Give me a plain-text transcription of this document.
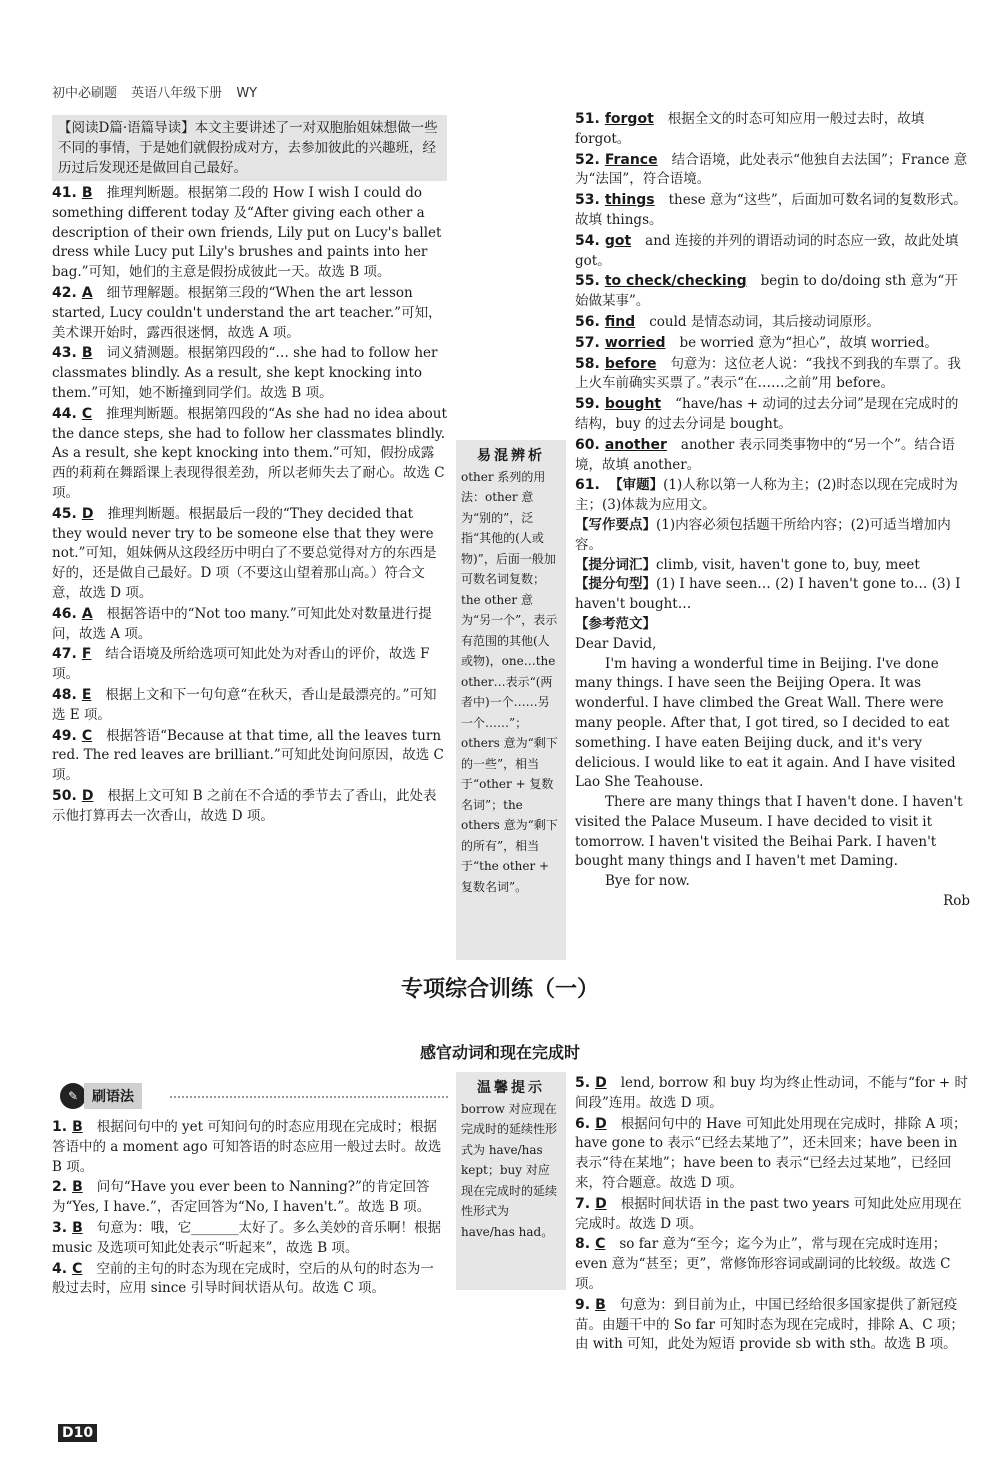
初中必刷题 英语八年级下册 WY
【阅读D篇·语篇导读】本文主要讲述了一对双胞胎姐妹想做一些不同的事情，于是她们就假扮成对方，去参加彼此的兴趣班，经历过后发现还是做回自己最好。
41. B 推理判断题。根据第二段的 How I wish I could do something different today 及“After giving each other a description of their own friends, Lily put on Lucy's ballet dress while Lucy put Lily's brushes and paints into her bag.”可知，她们的主意是假扮成彼此一天。故选 B 项。
42. A 细节理解题。根据第三段的“When the art lesson started, Lucy couldn't understand the art teacher.”可知，美术课开始时，露西很迷惘，故选 A 项。
43. B 词义猜测题。根据第四段的“… she had to follow her classmates blindly. As a result, she kept knocking into them.”可知，她不断撞到同学们。故选 B 项。
44. C 推理判断题。根据第四段的“As she had no idea about the dance steps, she had to follow her classmates blindly. As a result, she kept knocking into them.”可知，假扮成露西的莉莉在舞蹈课上表现得很差劲，所以老师失去了耐心。故选 C 项。
45. D 推理判断题。根据最后一段的“They decided that they would never try to be someone else that they were not.”可知，姐妹俩从这段经历中明白了不要总觉得对方的东西是好的，还是做自己最好。D 项（不要这山望着那山高。）符合文意，故选 D 项。
46. A 根据答语中的“Not too many.”可知此处对数量进行提问，故选 A 项。
47. F 结合语境及所给选项可知此处为对香山的评价，故选 F 项。
48. E 根据上文和下一句句意“在秋天，香山是最漂亮的。”可知选 E 项。
49. C 根据答语“Because at that time, all the leaves turn red. The red leaves are brilliant.”可知此处询问原因，故选 C 项。
50. D 根据上文可知 B 之前在不合适的季节去了香山，此处表示他打算再去一次香山，故选 D 项。
易混辨析
other 系列的用法：other 意为“别的”，泛指“其他的(人或物)”，后面一般加可数名词复数；the other 意为“另一个”，表示有范围的其他(人或物)，one…the other…表示“(两者中)一个……另一个……”；others 意为“剩下的一些”，相当于“other + 复数名词”；the others 意为“剩下的所有”，相当于“the other + 复数名词”。
51. forgot 根据全文的时态可知应用一般过去时，故填 forgot。
52. France 结合语境，此处表示“他独自去法国”；France 意为“法国”，符合语境。
53. things these 意为“这些”，后面加可数名词的复数形式。故填 things。
54. got and 连接的并列的谓语动词的时态应一致，故此处填 got。
55. to check/checking begin to do/doing sth 意为“开始做某事”。
56. find could 是情态动词，其后接动词原形。
57. worried be worried 意为“担心”，故填 worried。
58. before 句意为：这位老人说：“我找不到我的车票了。我上火车前确实买票了。”表示“在……之前”用 before。
59. bought “have/has + 动词的过去分词”是现在完成时的结构，buy 的过去分词是 bought。
60. another another 表示同类事物中的“另一个”。结合语境，故填 another。
61. 【审题】(1)人称以第一人称为主；(2)时态以现在完成时为主；(3)体裁为应用文。
【写作要点】(1)内容必须包括题干所给内容；(2)可适当增加内容。
【提分词汇】climb, visit, haven't gone to, buy, meet
【提分句型】(1) I have seen… (2) I haven't gone to… (3) I haven't bought…
【参考范文】

Dear David,

I'm having a wonderful time in Beijing. I've done many things. I have seen the Beijing Opera. It was wonderful. I have climbed the Great Wall. There were many people. After that, I got tired, so I decided to eat something. I have eaten Beijing duck, and it's very delicious. I would like to eat it again. And I have visited Lao She Teahouse.

There are many things that I haven't done. I haven't visited the Palace Museum. I have decided to visit it tomorrow. I haven't visited the Beihai Park. I haven't bought many things and I haven't met Daming.

Bye for now.

Rob

专项综合训练（一）
感官动词和现在完成时
✎ 刷语法
1. B 根据问句中的 yet 可知问句的时态应用现在完成时；根据答语中的 a moment ago 可知答语的时态应用一般过去时。故选 B 项。
2. B 问句“Have you ever been to Nanning?”的肯定回答为“Yes, I have.”，否定回答为“No, I haven't.”。故选 B 项。
3. B 句意为：哦，它_______太好了。多么美妙的音乐啊！根据 music 及选项可知此处表示“听起来”，故选 B 项。
4. C 空前的主句的时态为现在完成时，空后的从句的时态为一般过去时，应用 since 引导时间状语从句。故选 C 项。
温馨提示
borrow 对应现在完成时的延续性形式为 have/has kept；buy 对应现在完成时的延续性形式为 have/has had。
5. D lend, borrow 和 buy 均为终止性动词，不能与“for + 时间段”连用。故选 D 项。
6. D 根据问句中的 Have 可知此处用现在完成时，排除 A 项；have gone to 表示“已经去某地了”，还未回来；have been in 表示“待在某地”；have been to 表示“已经去过某地”，已经回来，符合题意。故选 D 项。
7. D 根据时间状语 in the past two years 可知此处应用现在完成时。故选 D 项。
8. C so far 意为“至今；迄今为止”，常与现在完成时连用；even 意为“甚至；更”，常修饰形容词或副词的比较级。故选 C 项。
9. B 句意为：到目前为止，中国已经给很多国家提供了新冠疫苗。由题干中的 So far 可知时态为现在完成时，排除 A、C 项；由 with 可知，此处为短语 provide sb with sth。故选 B 项。
D10
